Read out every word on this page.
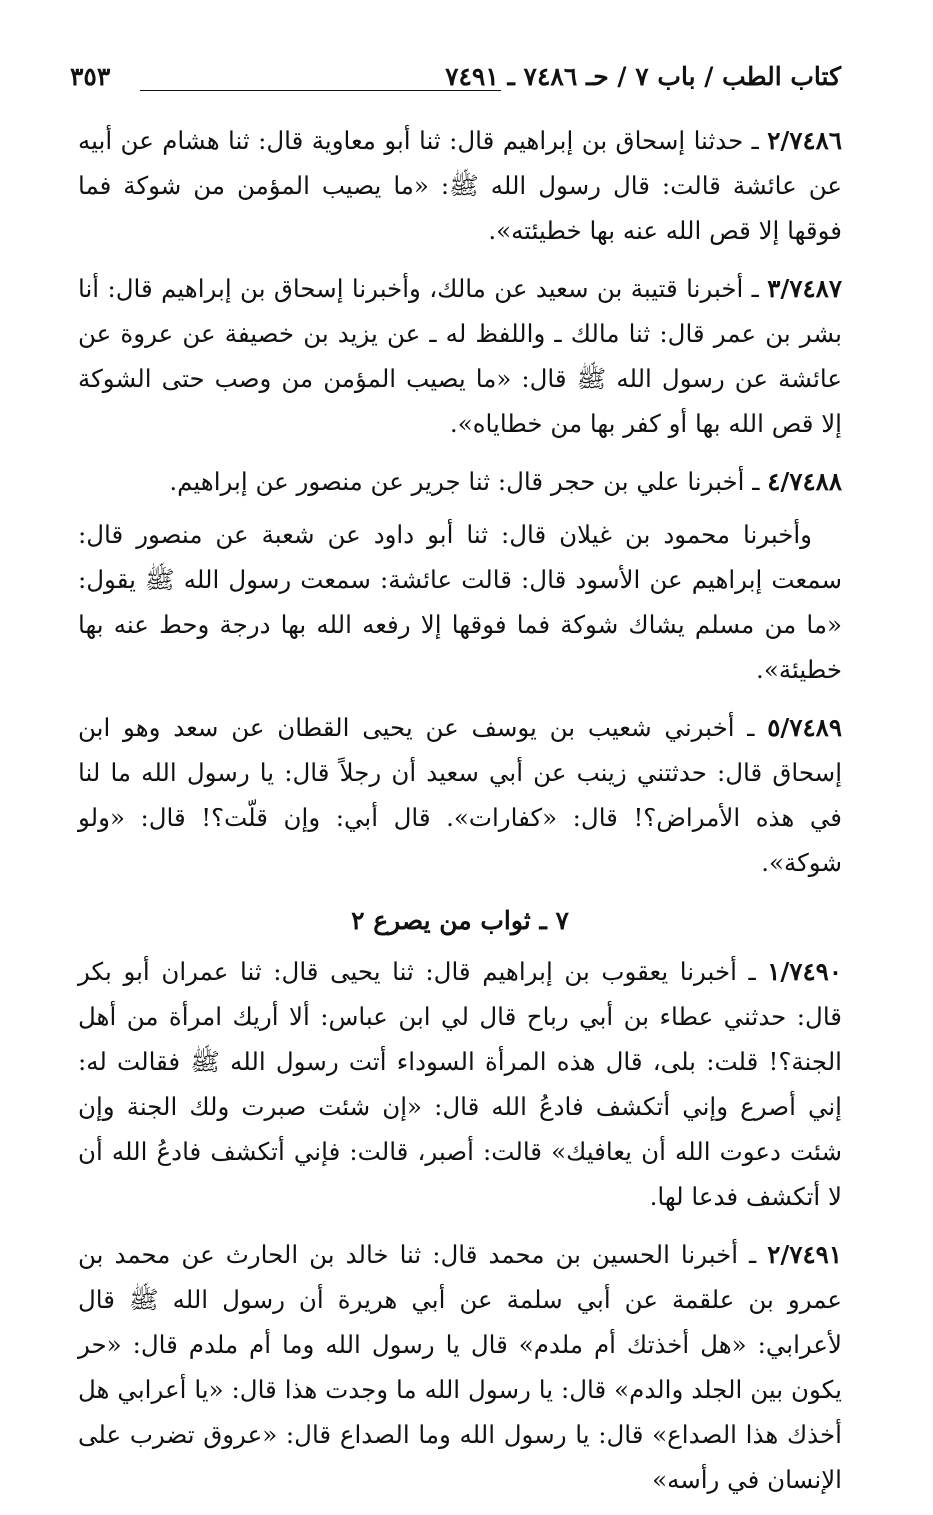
كتاب الطب / باب ٧ / حـ ٧٤٨٦ ـ ٧٤٩١
٣٥٣

٢/٧٤٨٦ ـ حدثنا إسحاق بن إبراهيم قال: ثنا أبو معاوية قال: ثنا هشام عن أبيه عن عائشة قالت: قال رسول الله ﷺ: «ما يصيب المؤمن من شوكة فما فوقها إلا قص الله عنه بها خطيئته».

٣/٧٤٨٧ ـ أخبرنا قتيبة بن سعيد عن مالك، وأخبرنا إسحاق بن إبراهيم قال: أنا بشر بن عمر قال: ثنا مالك ـ واللفظ له ـ عن يزيد بن خصيفة عن عروة عن عائشة عن رسول الله ﷺ قال: «ما يصيب المؤمن من وصب حتى الشوكة إلا قص الله بها أو كفر بها من خطاياه».

٤/٧٤٨٨ ـ أخبرنا علي بن حجر قال: ثنا جرير عن منصور عن إبراهيم.

وأخبرنا محمود بن غيلان قال: ثنا أبو داود عن شعبة عن منصور قال: سمعت إبراهيم عن الأسود قال: قالت عائشة: سمعت رسول الله ﷺ يقول: «ما من مسلم يشاك شوكة فما فوقها إلا رفعه الله بها درجة وحط عنه بها خطيئة».

٥/٧٤٨٩ ـ أخبرني شعيب بن يوسف عن يحيى القطان عن سعد وهو ابن إسحاق قال: حدثتني زينب عن أبي سعيد أن رجلاً قال: يا رسول الله ما لنا في هذه الأمراض؟! قال: «كفارات». قال أبي: وإن قلّت؟! قال: «ولو شوكة».

٧ ـ ثواب من يصرع ٢

١/٧٤٩٠ ـ أخبرنا يعقوب بن إبراهيم قال: ثنا يحيى قال: ثنا عمران أبو بكر قال: حدثني عطاء بن أبي رباح قال لي ابن عباس: ألا أريك امرأة من أهل الجنة؟! قلت: بلى، قال هذه المرأة السوداء أتت رسول الله ﷺ فقالت له: إني أصرع وإني أتكشف فادعُ الله قال: «إن شئت صبرت ولك الجنة وإن شئت دعوت الله أن يعافيك» قالت: أصبر، قالت: فإني أتكشف فادعُ الله أن لا أتكشف فدعا لها.

٢/٧٤٩١ ـ أخبرنا الحسين بن محمد قال: ثنا خالد بن الحارث عن محمد بن عمرو بن علقمة عن أبي سلمة عن أبي هريرة أن رسول الله ﷺ قال لأعرابي: «هل أخذتك أم ملدم» قال يا رسول الله وما أم ملدم قال: «حر يكون بين الجلد والدم» قال: يا رسول الله ما وجدت هذا قال: «يا أعرابي هل أخذك هذا الصداع» قال: يا رسول الله وما الصداع قال: «عروق تضرب على الإنسان في رأسه»
